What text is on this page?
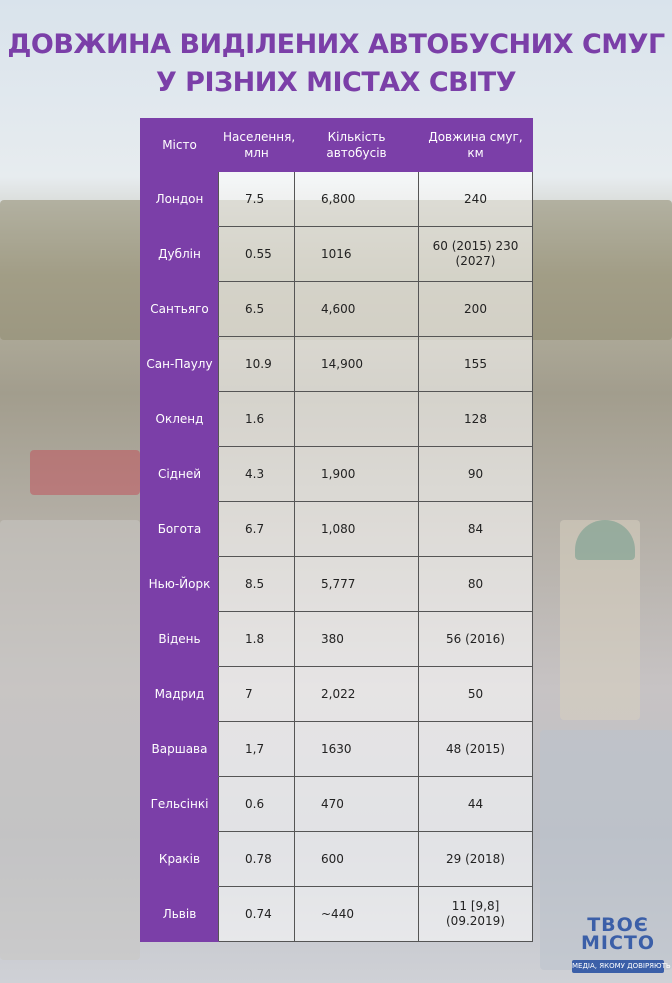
ДОВЖИНА ВИДІЛЕНИХ АВТОБУСНИХ СМУГ
У РІЗНИХ МІСТАХ СВІТУ
Місто	Населення, млн	Кількість автобусів	Довжина смуг, км
Лондон	7.5	6,800	240
Дублін	0.55	1016	60 (2015) 230 (2027)
Сантьяго	6.5	4,600	200
Сан-Паулу	10.9	14,900	155
Окленд	1.6		128
Сідней	4.3	1,900	90
Богота	6.7	1,080	84
Нью-Йорк	8.5	5,777	80
Відень	1.8	380	56 (2016)
Мадрид	7	2,022	50
Варшава	1,7	1630	48 (2015)
Гельсінкі	0.6	470	44
Краків	0.78	600	29 (2018)
Львів	0.74	~440	11 [9,8] (09.2019)	ТВОЄ МІСТО
МЕДІА, ЯКОМУ ДОВІРЯЮТЬ
